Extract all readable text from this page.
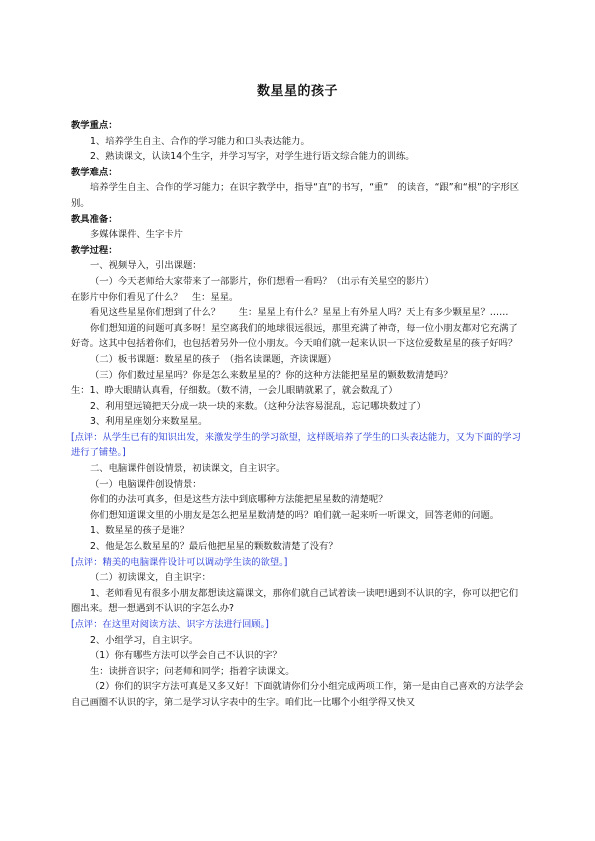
数星星的孩子

教学重点：

1、培养学生自主、合作的学习能力和口头表达能力。

2、熟读课文，认读14个生字，并学习写字，对学生进行语文综合能力的训练。

教学难点：

培养学生自主、合作的学习能力；在识字教学中，指导“直”的书写，“重”　的读音，“跟”和“根”的字形区别。

教具准备：

多媒体课件、生字卡片

教学过程：

一、视频导入，引出课题：

（一）今天老师给大家带来了一部影片，你们想看一看吗？（出示有关星空的影片）

在影片中你们看见了什么？　生：星星。

看见这些星星你们想到了什么？　　生：星星上有什么？星星上有外星人吗？天上有多少颗星星？……

你们想知道的问题可真多呀！星空离我们的地球很远很远，那里充满了神奇，每一位小朋友都对它充满了好奇。这其中包括着你们，也包括着另外一位小朋友。今天咱们就一起来认识一下这位爱数星星的孩子好吗？

（二）板书课题：数星星的孩子　（指名读课题，齐读课题）

（三）你们数过星星吗？你是怎么来数星星的？你的这种方法能把星星的颗数数清楚吗？

生：1、睁大眼睛认真看，仔细数。（数不清，一会儿眼睛就累了，就会数乱了）

2、利用望远镜把天分成一块一块的来数。（这种分法容易混乱，忘记哪块数过了）

3、利用星座划分来数星星。

[点评：从学生已有的知识出发，来激发学生的学习欲望，这样既培养了学生的口头表达能力，又为下面的学习进行了铺垫。]

二、电脑课件创设情景，初读课文，自主识字。

（一）电脑课件创设情景：

你们的办法可真多，但是这些方法中到底哪种方法能把星星数的清楚呢？

你们想知道课文里的小朋友是怎么把星星数清楚的吗？咱们就一起来听一听课文，回答老师的问题。

1、数星星的孩子是谁？

2、他是怎么数星星的？最后他把星星的颗数数清楚了没有？

[点评：精美的电脑课件设计可以调动学生读的欲望。]

（二）初读课文，自主识字：

1、老师看见有很多小朋友都想读这篇课文，那你们就自己试着读一读吧!遇到不认识的字，你可以把它们圈出来。想一想遇到不认识的字怎么办?

[点评：在这里对阅读方法、识字方法进行回顾。]

2、小组学习，自主识字。

（1）你有哪些方法可以学会自己不认识的字？

生：读拼音识字；问老师和同学；指着字读课文。

（2）你们的识字方法可真是又多又好！下面就请你们分小组完成两项工作，第一是由自己喜欢的方法学会自己画圈不认识的字，第二是学习认字表中的生字。咱们比一比哪个小组学得又快又
